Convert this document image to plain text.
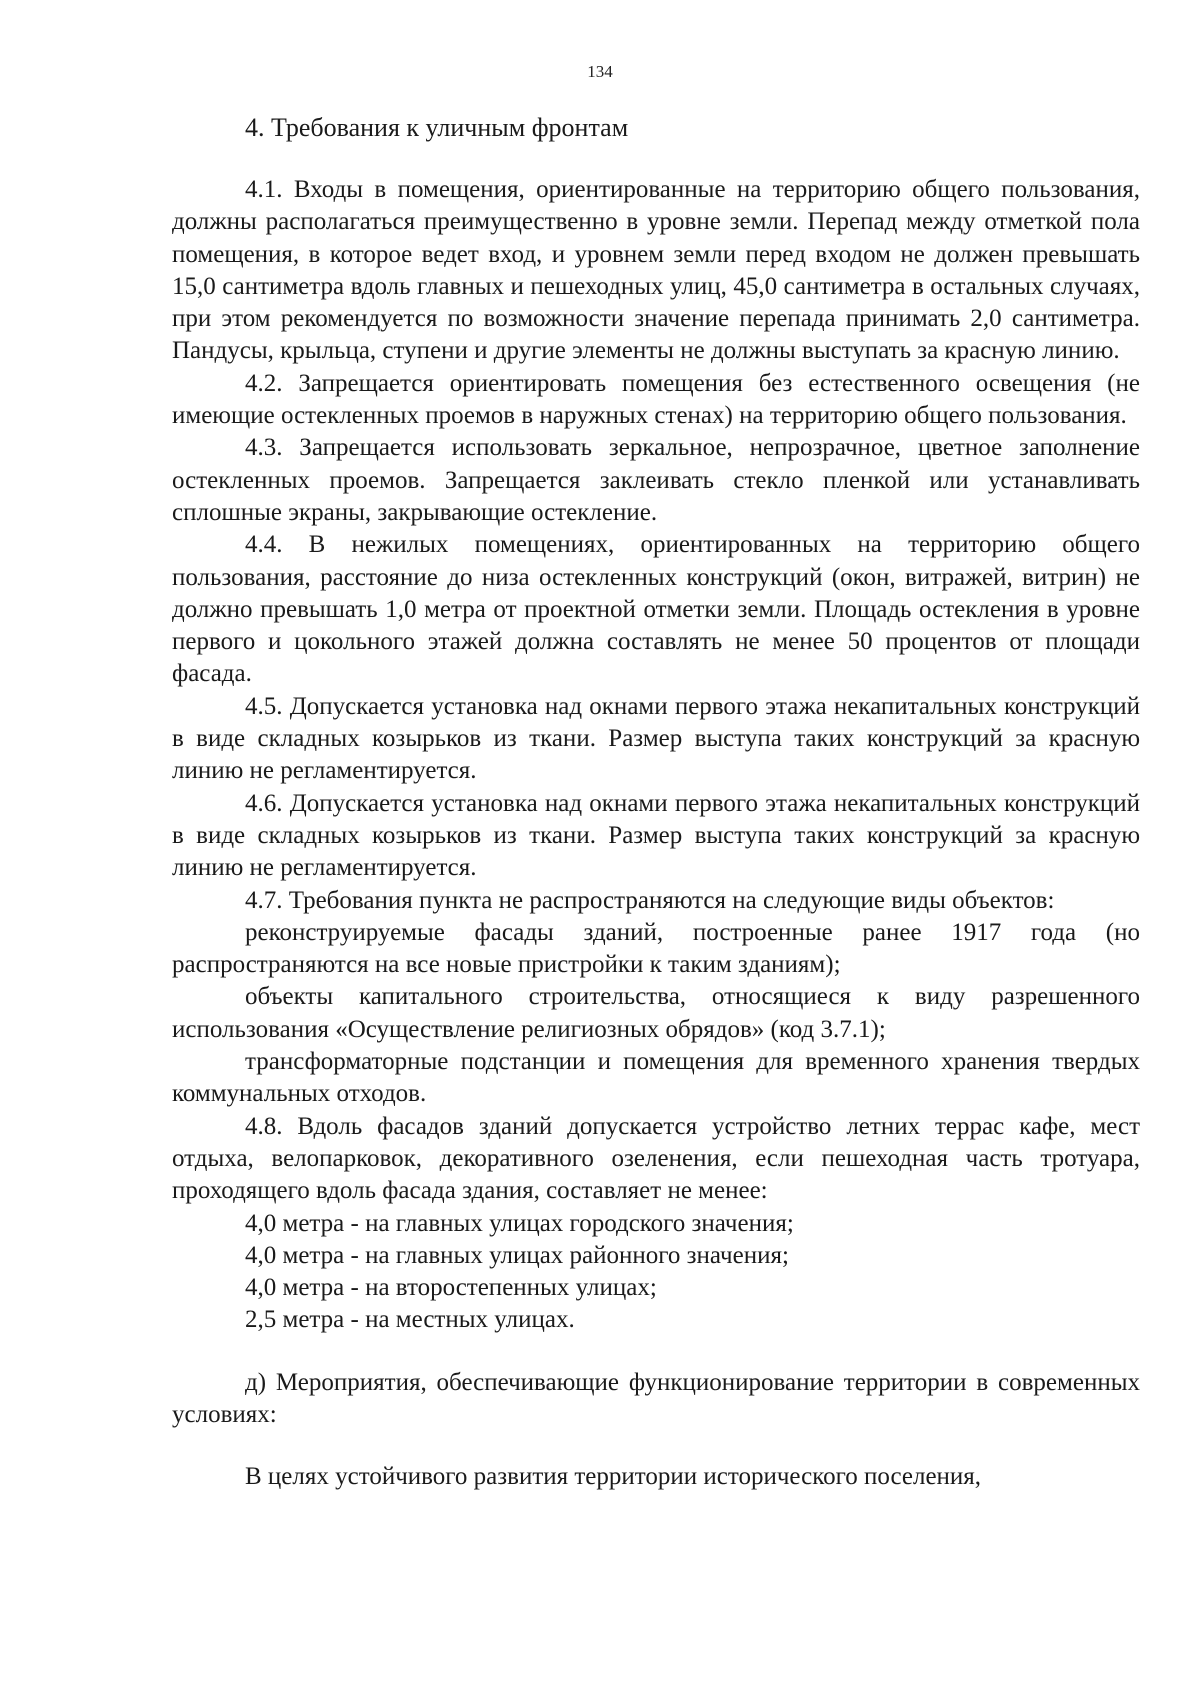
134
4. Требования к уличным фронтам

4.1. Входы в помещения, ориентированные на территорию общего пользования, должны располагаться преимущественно в уровне земли. Перепад между отметкой пола помещения, в которое ведет вход, и уровнем земли перед входом не должен превышать 15,0 сантиметра вдоль главных и пешеходных улиц, 45,0 сантиметра в остальных случаях, при этом рекомендуется по возможности значение перепада принимать 2,0 сантиметра. Пандусы, крыльца, ступени и другие элементы не должны выступать за красную линию.

4.2. Запрещается ориентировать помещения без естественного освещения (не имеющие остекленных проемов в наружных стенах) на территорию общего пользования.

4.3. Запрещается использовать зеркальное, непрозрачное, цветное заполнение остекленных проемов. Запрещается заклеивать стекло пленкой или устанавливать сплошные экраны, закрывающие остекление.

4.4. В нежилых помещениях, ориентированных на территорию общего пользования, расстояние до низа остекленных конструкций (окон, витражей, витрин) не должно превышать 1,0 метра от проектной отметки земли. Площадь остекления в уровне первого и цокольного этажей должна составлять не менее 50 процентов от площади фасада.

4.5. Допускается установка над окнами первого этажа некапитальных конструкций в виде складных козырьков из ткани. Размер выступа таких конструкций за красную линию не регламентируется.

4.6. Допускается установка над окнами первого этажа некапитальных конструкций в виде складных козырьков из ткани. Размер выступа таких конструкций за красную линию не регламентируется.

4.7. Требования пункта не распространяются на следующие виды объектов:

реконструируемые фасады зданий, построенные ранее 1917 года (но распространяются на все новые пристройки к таким зданиям);

объекты капитального строительства, относящиеся к виду разрешенного использования «Осуществление религиозных обрядов» (код 3.7.1);

трансформаторные подстанции и помещения для временного хранения твердых коммунальных отходов.

4.8. Вдоль фасадов зданий допускается устройство летних террас кафе, мест отдыха, велопарковок, декоративного озеленения, если пешеходная часть тротуара, проходящего вдоль фасада здания, составляет не менее:

4,0 метра - на главных улицах городского значения;

4,0 метра - на главных улицах районного значения;

4,0 метра - на второстепенных улицах;

2,5 метра - на местных улицах.

д) Мероприятия, обеспечивающие функционирование территории в современных условиях:

В целях устойчивого развития территории исторического поселения,
